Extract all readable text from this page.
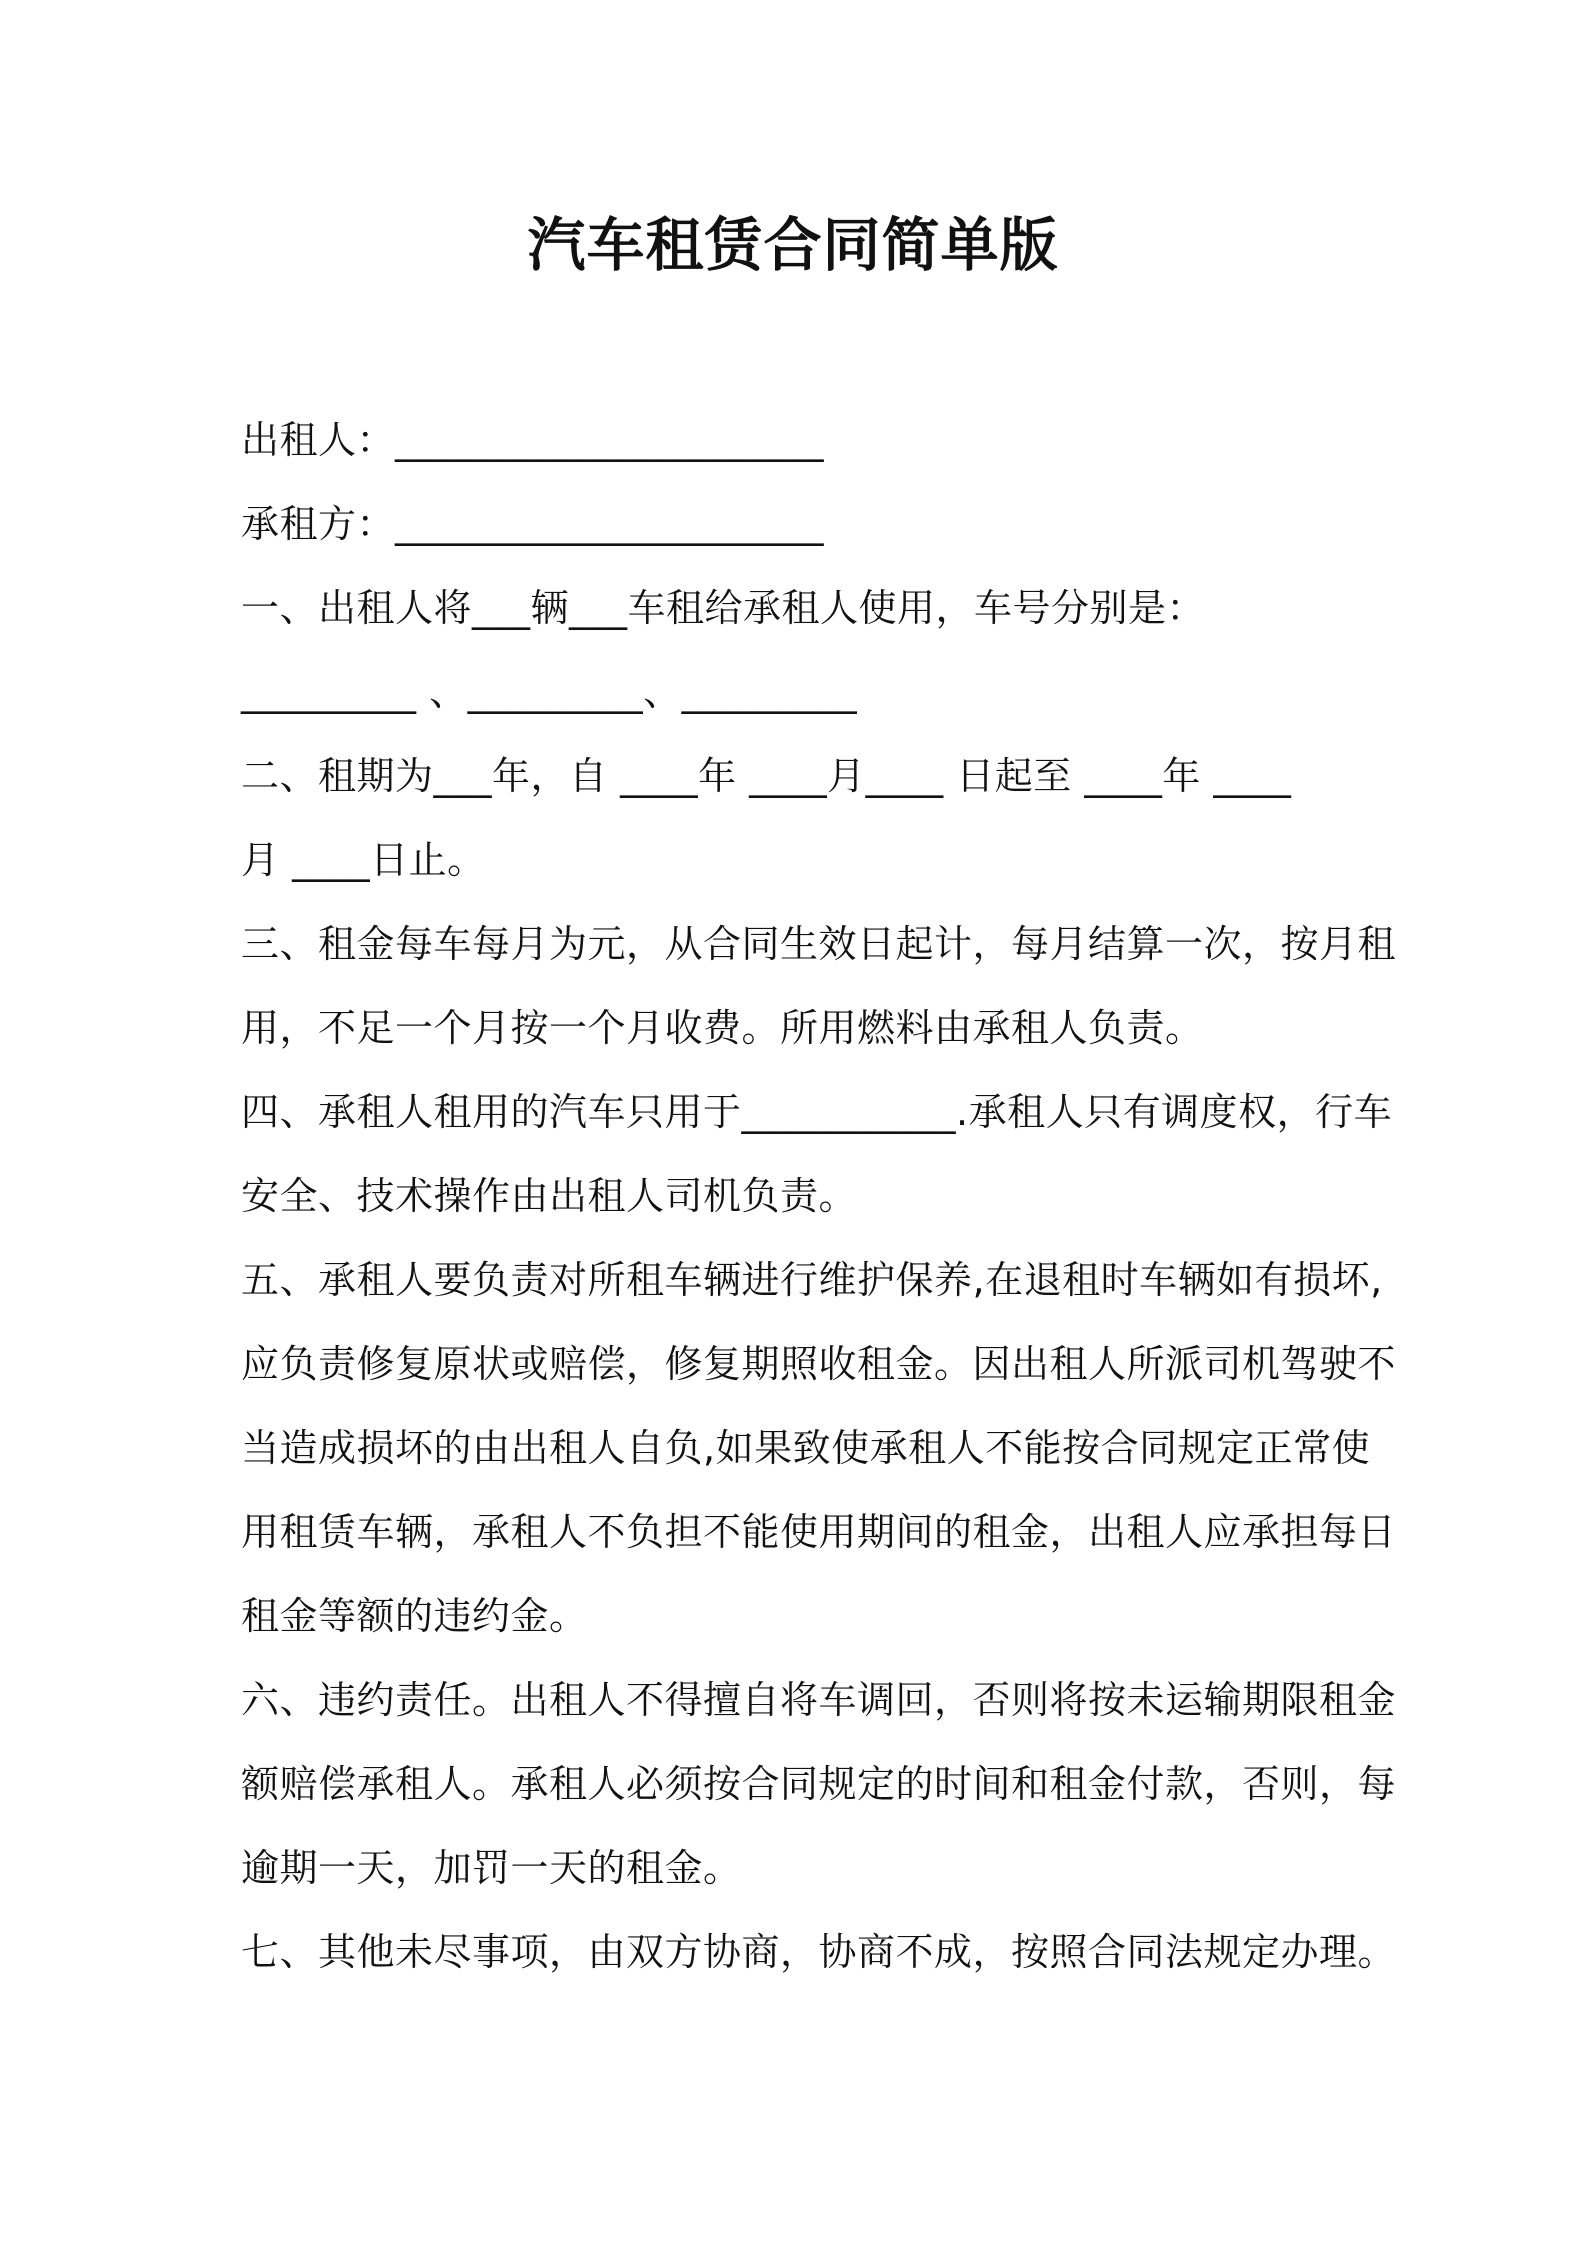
汽车租赁合同简单版
出租人：______________________
承租方：______________________
一、出租人将___辆___车租给承租人使用，车号分别是：
_________ 、_________、_________
二、租期为___年，自 ____年 ____月____ 日起至 ____年 ____
月 ____日止。
三、租金每车每月为元，从合同生效日起计，每月结算一次，按月租
用，不足一个月按一个月收费。所用燃料由承租人负责。
四、承租人租用的汽车只用于___________.承租人只有调度权，行车
安全、技术操作由出租人司机负责。
五、承租人要负责对所租车辆进行维护保养,在退租时车辆如有损坏,
应负责修复原状或赔偿，修复期照收租金。因出租人所派司机驾驶不
当造成损坏的由出租人自负,如果致使承租人不能按合同规定正常使
用租赁车辆，承租人不负担不能使用期间的租金，出租人应承担每日
租金等额的违约金。
六、违约责任。出租人不得擅自将车调回，否则将按未运输期限租金
额赔偿承租人。承租人必须按合同规定的时间和租金付款，否则，每
逾期一天，加罚一天的租金。
七、其他未尽事项，由双方协商，协商不成，按照合同法规定办理。
